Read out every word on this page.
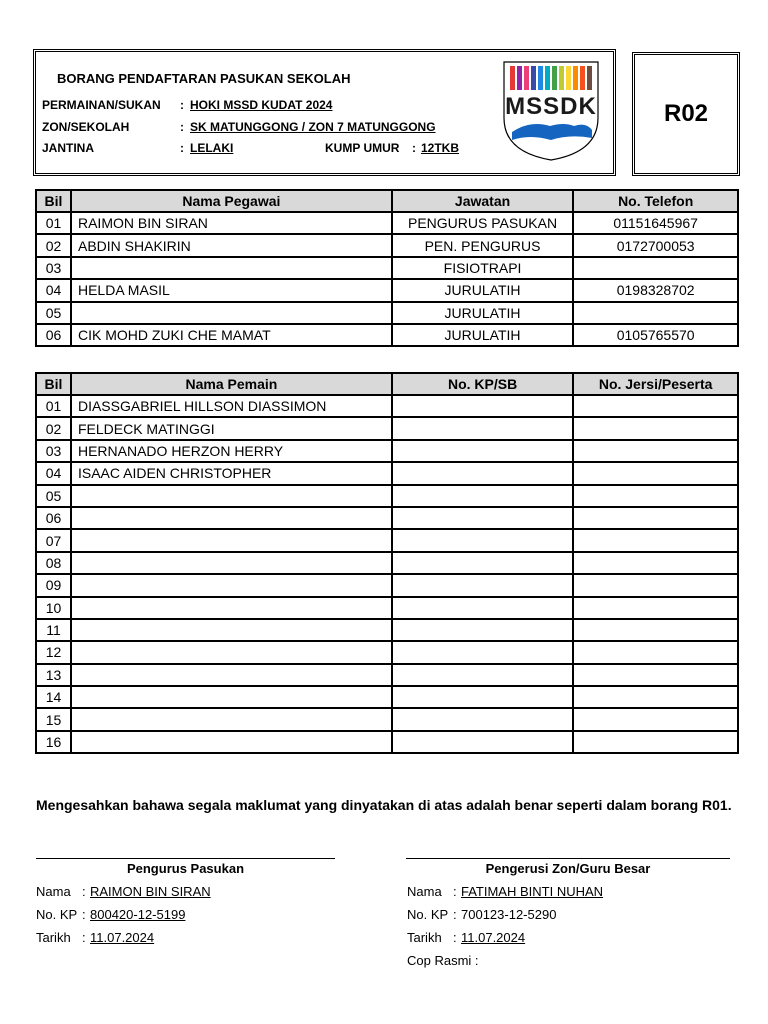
BORANG PENDAFTARAN PASUKAN SEKOLAH
PERMAINAN/SUKAN : HOKI MSSD KUDAT 2024
ZON/SEKOLAH	: SK MATUNGGONG / ZON 7 MATUNGGONG
JANTINA	: LELAKI	KUMP UMUR : 12TKB
MSSDK	R02
Bil	Nama Pegawai	Jawatan	No. Telefon
01	RAIMON BIN SIRAN	PENGURUS PASUKAN	01151645967
02	ABDIN SHAKIRIN	PEN. PENGURUS	0172700053
03		FISIOTRAPI	
04	HELDA MASIL	JURULATIH	0198328702
05		JURULATIH	
06	CIK MOHD ZUKI CHE MAMAT	JURULATIH	0105765570
Bil	Nama Pemain	No. KP/SB	No. Jersi/Peserta
01	DIASSGABRIEL HILLSON DIASSIMON		
02	FELDECK MATINGGI		
03	HERNANADO HERZON HERRY		
04	ISAAC AIDEN CHRISTOPHER		
05			
06			
07			
08			
09			
10			
11			
12			
13			
14			
15			
16			
Mengesahkan bahawa segala maklumat yang dinyatakan di atas adalah benar seperti dalam borang R01.
Pengurus Pasukan
Nama : RAIMON BIN SIRAN
No. KP : 800420-12-5199
Tarikh : 11.07.2024
Pengerusi Zon/Guru Besar
Nama : FATIMAH BINTI NUHAN
No. KP : 700123-12-5290
Tarikh : 11.07.2024
Cop Rasmi :
